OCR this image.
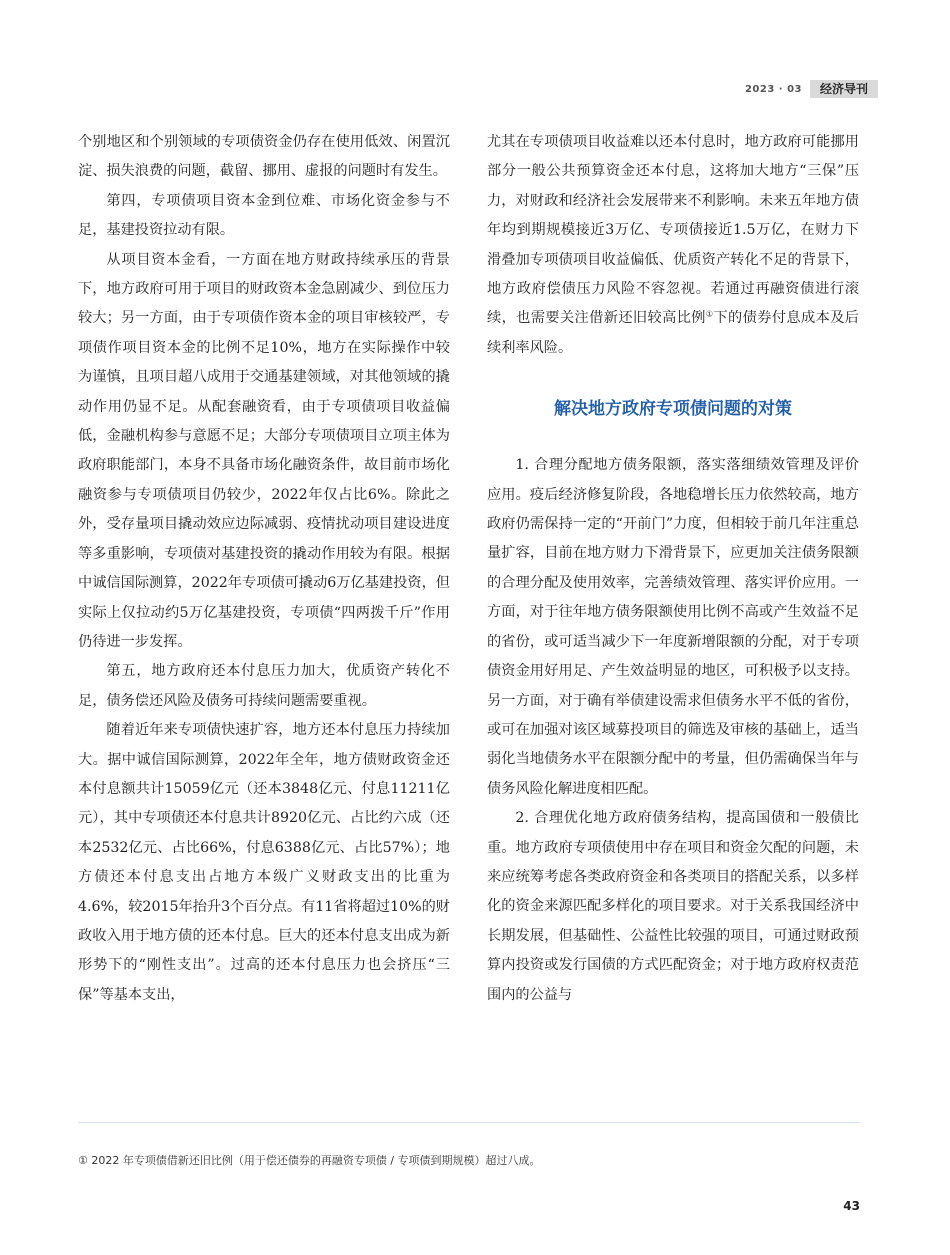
2023 · 03	经济导刊

个别地区和个别领域的专项债资金仍存在使用低效、闲置沉淀、损失浪费的问题，截留、挪用、虚报的问题时有发生。

第四，专项债项目资本金到位难、市场化资金参与不足，基建投资拉动有限。

从项目资本金看，一方面在地方财政持续承压的背景下，地方政府可用于项目的财政资本金急剧减少、到位压力较大；另一方面，由于专项债作资本金的项目审核较严，专项债作项目资本金的比例不足10%，地方在实际操作中较为谨慎，且项目超八成用于交通基建领域，对其他领域的撬动作用仍显不足。从配套融资看，由于专项债项目收益偏低，金融机构参与意愿不足；大部分专项债项目立项主体为政府职能部门，本身不具备市场化融资条件，故目前市场化融资参与专项债项目仍较少，2022年仅占比6%。除此之外，受存量项目撬动效应边际减弱、疫情扰动项目建设进度等多重影响，专项债对基建投资的撬动作用较为有限。根据中诚信国际测算，2022年专项债可撬动6万亿基建投资，但实际上仅拉动约5万亿基建投资，专项债“四两拨千斤”作用仍待进一步发挥。

第五，地方政府还本付息压力加大，优质资产转化不足，债务偿还风险及债务可持续问题需要重视。

随着近年来专项债快速扩容，地方还本付息压力持续加大。据中诚信国际测算，2022年全年，地方债财政资金还本付息额共计15059亿元（还本3848亿元、付息11211亿元），其中专项债还本付息共计8920亿元、占比约六成（还本2532亿元、占比66%，付息6388亿元、占比57%）；地方债还本付息支出占地方本级广义财政支出的比重为4.6%，较2015年抬升3个百分点。有11省将超过10%的财政收入用于地方债的还本付息。巨大的还本付息支出成为新形势下的“刚性支出”。过高的还本付息压力也会挤压“三保”等基本支出，

尤其在专项债项目收益难以还本付息时，地方政府可能挪用部分一般公共预算资金还本付息，这将加大地方“三保”压力，对财政和经济社会发展带来不利影响。未来五年地方债年均到期规模接近3万亿、专项债接近1.5万亿，在财力下滑叠加专项债项目收益偏低、优质资产转化不足的背景下，地方政府偿债压力风险不容忽视。若通过再融资债进行滚续，也需要关注借新还旧较高比例①下的债券付息成本及后续利率风险。

解决地方政府专项债问题的对策

1. 合理分配地方债务限额，落实落细绩效管理及评价应用。疫后经济修复阶段，各地稳增长压力依然较高，地方政府仍需保持一定的“开前门”力度，但相较于前几年注重总量扩容，目前在地方财力下滑背景下，应更加关注债务限额的合理分配及使用效率，完善绩效管理、落实评价应用。一方面，对于往年地方债务限额使用比例不高或产生效益不足的省份，或可适当减少下一年度新增限额的分配，对于专项债资金用好用足、产生效益明显的地区，可积极予以支持。另一方面，对于确有举债建设需求但债务水平不低的省份，或可在加强对该区域募投项目的筛选及审核的基础上，适当弱化当地债务水平在限额分配中的考量，但仍需确保当年与债务风险化解进度相匹配。

2. 合理优化地方政府债务结构，提高国债和一般债比重。地方政府专项债使用中存在项目和资金欠配的问题，未来应统筹考虑各类政府资金和各类项目的搭配关系，以多样化的资金来源匹配多样化的项目要求。对于关系我国经济中长期发展，但基础性、公益性比较强的项目，可通过财政预算内投资或发行国债的方式匹配资金；对于地方政府权责范围内的公益与

① 2022 年专项债借新还旧比例（用于偿还债券的再融资专项债 / 专项债到期规模）超过八成。
43
